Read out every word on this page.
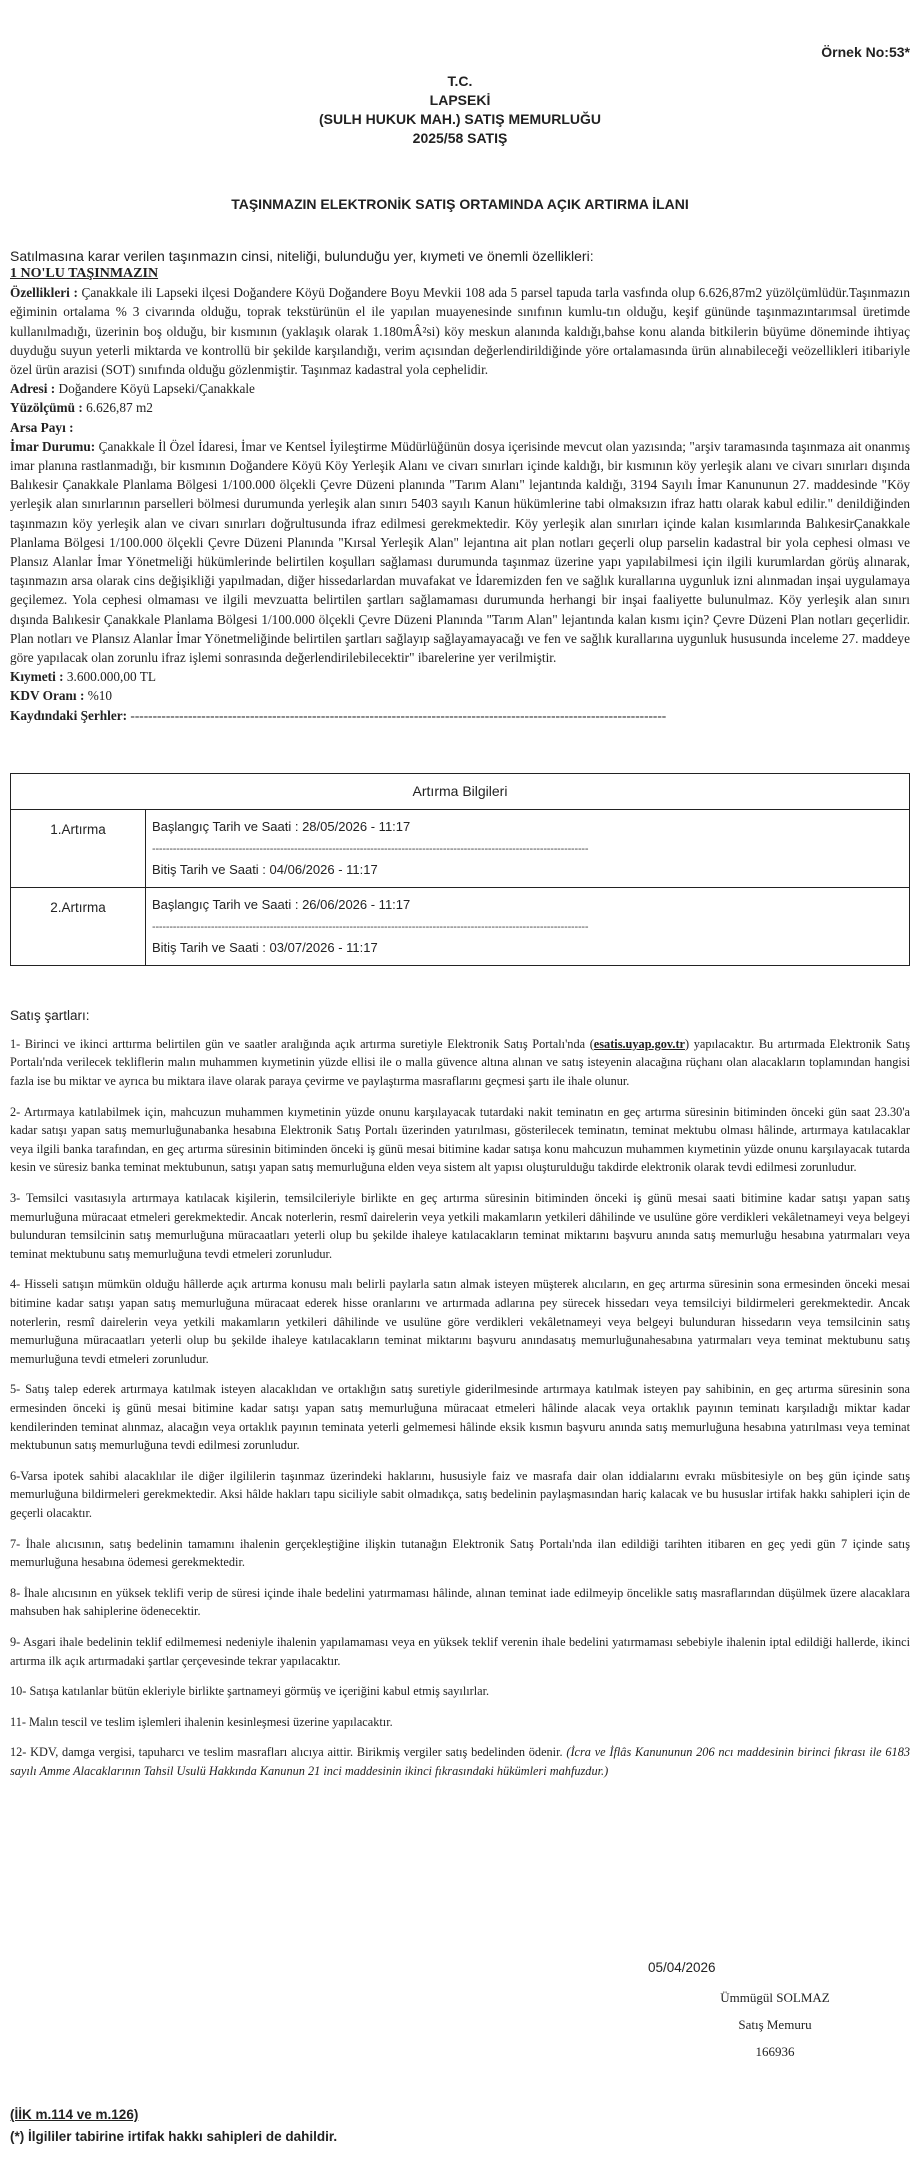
Örnek No:53*
T.C.
LAPSEKİ
(SULH HUKUK MAH.) SATIŞ MEMURLUĞU
2025/58 SATIŞ
TAŞINMAZIN ELEKTRONİK SATIŞ ORTAMINDA AÇIK ARTIRMA İLANI
Satılmasına karar verilen taşınmazın cinsi, niteliği, bulunduğu yer, kıymeti ve önemli özellikleri:
1 NO'LU TAŞINMAZIN

Özellikleri : Çanakkale ili Lapseki ilçesi Doğandere Köyü Doğandere Boyu Mevkii 108 ada 5 parsel tapuda tarla vasfında olup 6.626,87m2 yüzölçümlüdür.Taşınmazın eğiminin ortalama % 3 civarında olduğu, toprak tekstürünün el ile yapılan muayenesinde sınıfının kumlu-tın olduğu, keşif gününde taşınmazıntarımsal üretimde kullanılmadığı, üzerinin boş olduğu, bir kısmının (yaklaşık olarak 1.180mÂ²si) köy meskun alanında kaldığı,bahse konu alanda bitkilerin büyüme döneminde ihtiyaç duyduğu suyun yeterli miktarda ve kontrollü bir şekilde karşılandığı, verim açısından değerlendirildiğinde yöre ortalamasında ürün alınabileceği veözellikleri itibariyle özel ürün arazisi (SOT) sınıfında olduğu gözlenmiştir. Taşınmaz kadastral yola cephelidir.

Adresi : Doğandere Köyü Lapseki/Çanakkale

Yüzölçümü : 6.626,87 m2

Arsa Payı :

İmar Durumu: Çanakkale İl Özel İdaresi, İmar ve Kentsel İyileştirme Müdürlüğünün dosya içerisinde mevcut olan yazısında; "arşiv taramasında taşınmaza ait onanmış imar planına rastlanmadığı, bir kısmının Doğandere Köyü Köy Yerleşik Alanı ve civarı sınırları içinde kaldığı, bir kısmının köy yerleşik alanı ve civarı sınırları dışında Balıkesir Çanakkale Planlama Bölgesi 1/100.000 ölçekli Çevre Düzeni planında "Tarım Alanı" lejantında kaldığı, 3194 Sayılı İmar Kanununun 27. maddesinde "Köy yerleşik alan sınırlarının parselleri bölmesi durumunda yerleşik alan sınırı 5403 sayılı Kanun hükümlerine tabi olmaksızın ifraz hattı olarak kabul edilir." denildiğinden taşınmazın köy yerleşik alan ve civarı sınırları doğrultusunda ifraz edilmesi gerekmektedir. Köy yerleşik alan sınırları içinde kalan kısımlarında BalıkesirÇanakkale Planlama Bölgesi 1/100.000 ölçekli Çevre Düzeni Planında "Kırsal Yerleşik Alan" lejantına ait plan notları geçerli olup parselin kadastral bir yola cephesi olması ve Plansız Alanlar İmar Yönetmeliği hükümlerinde belirtilen koşulları sağlaması durumunda taşınmaz üzerine yapı yapılabilmesi için ilgili kurumlardan görüş alınarak, taşınmazın arsa olarak cins değişikliği yapılmadan, diğer hissedarlardan muvafakat ve İdaremizden fen ve sağlık kurallarına uygunluk izni alınmadan inşai uygulamaya geçilemez. Yola cephesi olmaması ve ilgili mevzuatta belirtilen şartları sağlamaması durumunda herhangi bir inşai faaliyette bulunulmaz. Köy yerleşik alan sınırı dışında Balıkesir Çanakkale Planlama Bölgesi 1/100.000 ölçekli Çevre Düzeni Planında "Tarım Alan" lejantında kalan kısmı için? Çevre Düzeni Plan notları geçerlidir. Plan notları ve Plansız Alanlar İmar Yönetmeliğinde belirtilen şartları sağlayıp sağlayamayacağı ve fen ve sağlık kurallarına uygunluk hususunda inceleme 27. maddeye göre yapılacak olan zorunlu ifraz işlemi sonrasında değerlendirilebilecektir" ibarelerine yer verilmiştir.

Kıymeti : 3.600.000,00 TL

KDV Oranı : %10

Kaydındaki Şerhler: -------------------------------------------------------------------------------------------------------------------------

Artırma Bilgileri	
1.Artırma	Başlangıç Tarih ve Saati : 28/05/2026 - 11:17
------------------------------------------------------------------------------------------------------------------------------
Bitiş Tarih ve Saati : 04/06/2026 - 11:17

2.Artırma	Başlangıç Tarih ve Saati : 26/06/2026 - 11:17
------------------------------------------------------------------------------------------------------------------------------
Bitiş Tarih ve Saati : 03/07/2026 - 11:17
Satış şartları:
1- Birinci ve ikinci arttırma belirtilen gün ve saatler aralığında açık artırma suretiyle Elektronik Satış Portalı'nda (esatis.uyap.gov.tr) yapılacaktır. Bu artırmada Elektronik Satış Portalı'nda verilecek tekliflerin malın muhammen kıymetinin yüzde ellisi ile o malla güvence altına alınan ve satış isteyenin alacağına rüçhanı olan alacakların toplamından hangisi fazla ise bu miktar ve ayrıca bu miktara ilave olarak paraya çevirme ve paylaştırma masraflarını geçmesi şartı ile ihale olunur.
2- Artırmaya katılabilmek için, mahcuzun muhammen kıymetinin yüzde onunu karşılayacak tutardaki nakit teminatın en geç artırma süresinin bitiminden önceki gün saat 23.30'a kadar satışı yapan satış memurluğunabanka hesabına Elektronik Satış Portalı üzerinden yatırılması, gösterilecek teminatın, teminat mektubu olması hâlinde, artırmaya katılacaklar veya ilgili banka tarafından, en geç artırma süresinin bitiminden önceki iş günü mesai bitimine kadar satışa konu mahcuzun muhammen kıymetinin yüzde onunu karşılayacak tutarda kesin ve süresiz banka teminat mektubunun, satışı yapan satış memurluğuna elden veya sistem alt yapısı oluşturulduğu takdirde elektronik olarak tevdi edilmesi zorunludur.
3- Temsilci vasıtasıyla artırmaya katılacak kişilerin, temsilcileriyle birlikte en geç artırma süresinin bitiminden önceki iş günü mesai saati bitimine kadar satışı yapan satış memurluğuna müracaat etmeleri gerekmektedir. Ancak noterlerin, resmî dairelerin veya yetkili makamların yetkileri dâhilinde ve usulüne göre verdikleri vekâletnameyi veya belgeyi bulunduran temsilcinin satış memurluğuna müracaatları yeterli olup bu şekilde ihaleye katılacakların teminat miktarını başvuru anında satış memurluğu hesabına yatırmaları veya teminat mektubunu satış memurluğuna tevdi etmeleri zorunludur.
4- Hisseli satışın mümkün olduğu hâllerde açık artırma konusu malı belirli paylarla satın almak isteyen müşterek alıcıların, en geç artırma süresinin sona ermesinden önceki mesai bitimine kadar satışı yapan satış memurluğuna müracaat ederek hisse oranlarını ve artırmada adlarına pey sürecek hissedarı veya temsilciyi bildirmeleri gerekmektedir. Ancak noterlerin, resmî dairelerin veya yetkili makamların yetkileri dâhilinde ve usulüne göre verdikleri vekâletnameyi veya belgeyi bulunduran hissedarın veya temsilcinin satış memurluğuna müracaatları yeterli olup bu şekilde ihaleye katılacakların teminat miktarını başvuru anındasatış memurluğunahesabına yatırmaları veya teminat mektubunu satış memurluğuna tevdi etmeleri zorunludur.
5- Satış talep ederek artırmaya katılmak isteyen alacaklıdan ve ortaklığın satış suretiyle giderilmesinde artırmaya katılmak isteyen pay sahibinin, en geç artırma süresinin sona ermesinden önceki iş günü mesai bitimine kadar satışı yapan satış memurluğuna müracaat etmeleri hâlinde alacak veya ortaklık payının teminatı karşıladığı miktar kadar kendilerinden teminat alınmaz, alacağın veya ortaklık payının teminata yeterli gelmemesi hâlinde eksik kısmın başvuru anında satış memurluğuna hesabına yatırılması veya teminat mektubunun satış memurluğuna tevdi edilmesi zorunludur.
6-Varsa ipotek sahibi alacaklılar ile diğer ilgililerin taşınmaz üzerindeki haklarını, hususiyle faiz ve masrafa dair olan iddialarını evrakı müsbitesiyle on beş gün içinde satış memurluğuna bildirmeleri gerekmektedir. Aksi hâlde hakları tapu siciliyle sabit olmadıkça, satış bedelinin paylaşmasından hariç kalacak ve bu hususlar irtifak hakkı sahipleri için de geçerli olacaktır.
7- İhale alıcısının, satış bedelinin tamamını ihalenin gerçekleştiğine ilişkin tutanağın Elektronik Satış Portalı'nda ilan edildiği tarihten itibaren en geç yedi gün 7 içinde satış memurluğuna hesabına ödemesi gerekmektedir.
8- İhale alıcısının en yüksek teklifi verip de süresi içinde ihale bedelini yatırmaması hâlinde, alınan teminat iade edilmeyip öncelikle satış masraflarından düşülmek üzere alacaklara mahsuben hak sahiplerine ödenecektir.
9- Asgari ihale bedelinin teklif edilmemesi nedeniyle ihalenin yapılamaması veya en yüksek teklif verenin ihale bedelini yatırmaması sebebiyle ihalenin iptal edildiği hallerde, ikinci artırma ilk açık artırmadaki şartlar çerçevesinde tekrar yapılacaktır.
10- Satışa katılanlar bütün ekleriyle birlikte şartnameyi görmüş ve içeriğini kabul etmiş sayılırlar.
11- Malın tescil ve teslim işlemleri ihalenin kesinleşmesi üzerine yapılacaktır.
12- KDV, damga vergisi, tapuharcı ve teslim masrafları alıcıya aittir. Birikmiş vergiler satış bedelinden ödenir. (İcra ve İflâs Kanununun 206 ncı maddesinin birinci fıkrası ile 6183 sayılı Amme Alacaklarının Tahsil Usulü Hakkında Kanunun 21 inci maddesinin ikinci fıkrasındaki hükümleri mahfuzdur.)
05/04/2026
Ümmügül SOLMAZ
Satış Memuru
166936
(İİK m.114 ve m.126)
(*) İlgililer tabirine irtifak hakkı sahipleri de dahildir.
